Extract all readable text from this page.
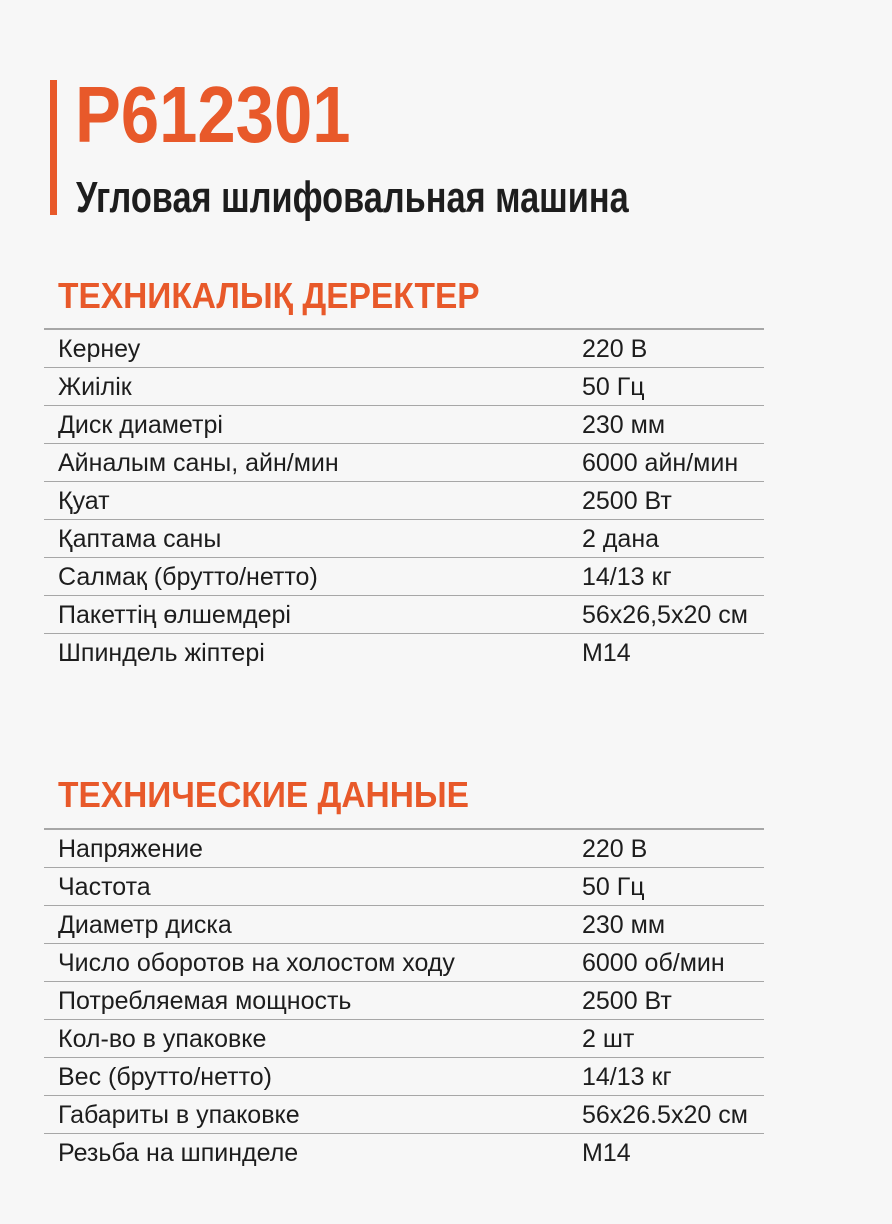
P612301
Угловая шлифовальная машина
ТЕХНИКАЛЫҚ ДЕРЕКТЕР
Кернеу	220 В
Жиілік	50 Гц
Диск диаметрі	230 мм
Айналым саны, айн/мин	6000 айн/мин
Қуат	2500 Вт
Қаптама саны	2 дана
Салмақ (брутто/нетто)	14/13 кг
Пакеттің өлшемдері	56x26,5x20 см
Шпиндель жіптері	M14
ТЕХНИЧЕСКИЕ ДАННЫЕ
Напряжение	220 В
Частота	50 Гц
Диаметр диска	230 мм
Число оборотов на холостом ходу	6000 об/мин
Потребляемая мощность	2500 Вт
Кол-во в упаковке	2 шт
Вес (брутто/нетто)	14/13 кг
Габариты в упаковке	56x26.5x20 см
Резьба на шпинделе	M14
